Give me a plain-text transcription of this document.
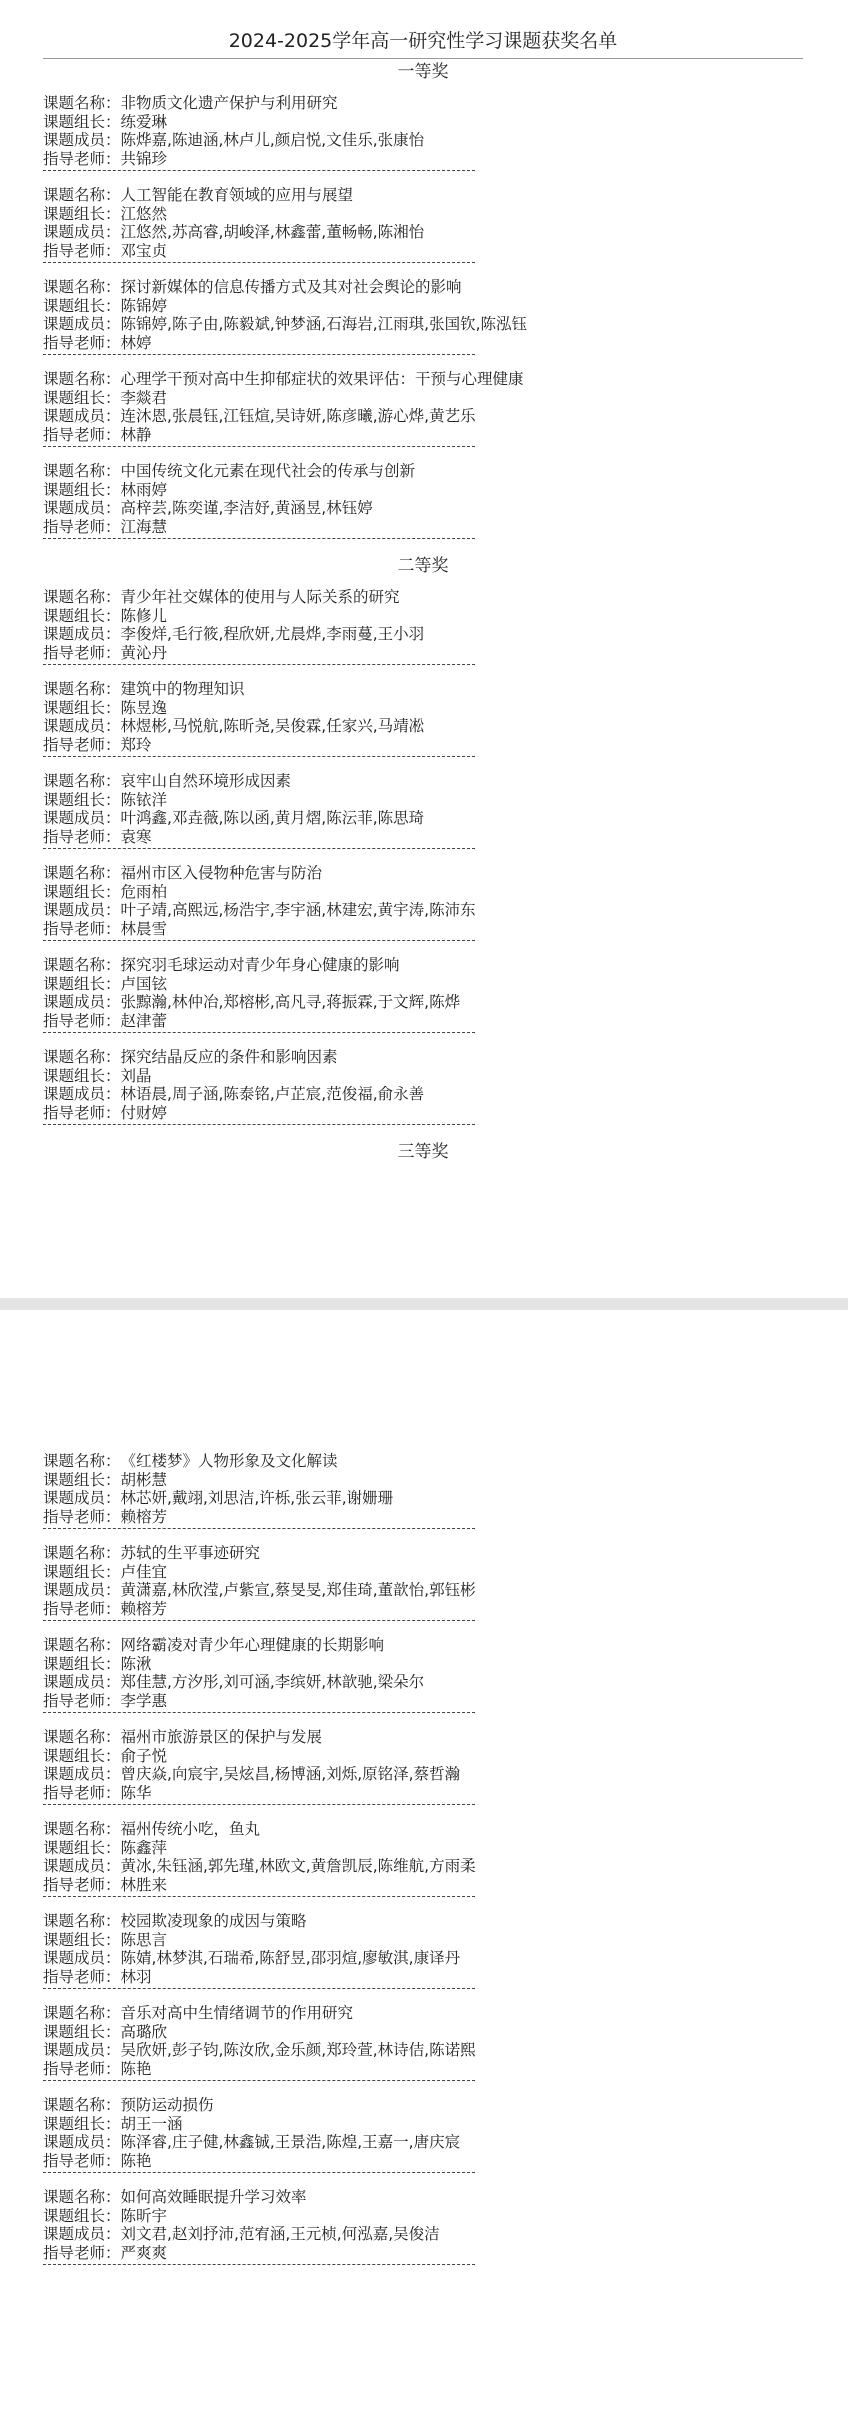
2024-2025学年高一研究性学习课题获奖名单
一等奖
课题名称：非物质文化遗产保护与利用研究
课题组长：练爱琳
课题成员：陈烨嘉,陈迪涵,林卢儿,颜启悦,文佳乐,张康怡
指导老师：共锦珍
课题名称：人工智能在教育领域的应用与展望
课题组长：江悠然
课题成员：江悠然,苏高睿,胡峻泽,林鑫蕾,董畅畅,陈湘怡
指导老师：邓宝贞
课题名称：探讨新媒体的信息传播方式及其对社会舆论的影响
课题组长：陈锦婷
课题成员：陈锦婷,陈子由,陈毅斌,钟梦涵,石海岩,江雨琪,张国钦,陈泓钰
指导老师：林婷
课题名称：心理学干预对高中生抑郁症状的效果评估：干预与心理健康
课题组长：李燚君
课题成员：连沐恩,张晨钰,江钰煊,吴诗妍,陈彦曦,游心烨,黄艺乐
指导老师：林静
课题名称：中国传统文化元素在现代社会的传承与创新
课题组长：林雨婷
课题成员：高梓芸,陈奕谨,李洁妤,黄涵昱,林钰婷
指导老师：江海慧
二等奖
课题名称：青少年社交媒体的使用与人际关系的研究
课题组长：陈修儿
课题成员：李俊烊,毛行筱,程欣妍,尤晨烨,李雨蔓,王小羽
指导老师：黄沁丹
课题名称：建筑中的物理知识
课题组长：陈昱逸
课题成员：林煜彬,马悦航,陈昕尧,吴俊霖,任家兴,马靖凇
指导老师：郑玲
课题名称：哀牢山自然环境形成因素
课题组长：陈铱洋
课题成员：叶鸿鑫,邓垚薇,陈以函,黄月熠,陈沄菲,陈思琦
指导老师：袁寒
课题名称：福州市区入侵物种危害与防治
课题组长：危雨柏
课题成员：叶子靖,高熙远,杨浩宇,李宇涵,林建宏,黄宇涛,陈沛东
指导老师：林晨雪
课题名称：探究羽毛球运动对青少年身心健康的影响
课题组长：卢国铉
课题成员：张黥瀚,林仲冶,郑榕彬,高凡寻,蒋振霖,于文辉,陈烨
指导老师：赵津蕾
课题名称：探究结晶反应的条件和影响因素
课题组长：刘晶
课题成员：林语晨,周子涵,陈泰铭,卢芷宸,范俊福,俞永善
指导老师：付财婷
三等奖
课题名称：《红楼梦》人物形象及文化解读
课题组长：胡彬慧
课题成员：林芯妍,戴翊,刘思洁,许栎,张云菲,谢姗珊
指导老师：赖榕芳
课题名称：苏轼的生平事迹研究
课题组长：卢佳宜
课题成员：黄潇嘉,林欣滢,卢紫宣,蔡旻旻,郑佳琦,董歆怡,郭钰彬
指导老师：赖榕芳
课题名称：网络霸凌对青少年心理健康的长期影响
课题组长：陈湫
课题成员：郑佳慧,方汐彤,刘可涵,李缤妍,林歆驰,梁朵尔
指导老师：李学惠
课题名称：福州市旅游景区的保护与发展
课题组长：俞子悦
课题成员：曾庆焱,向宸宇,吴炫昌,杨博涵,刘烁,原铭泽,蔡哲瀚
指导老师：陈华
课题名称：福州传统小吃，鱼丸
课题组长：陈鑫萍
课题成员：黄冰,朱钰涵,郭先瑾,林欧文,黄詹凯辰,陈维航,方雨柔
指导老师：林胜来
课题名称：校园欺凌现象的成因与策略
课题组长：陈思言
课题成员：陈婧,林梦淇,石瑞希,陈舒昱,邵羽煊,廖敏淇,康译丹
指导老师：林羽
课题名称：音乐对高中生情绪调节的作用研究
课题组长：高璐欣
课题成员：吴欣妍,彭子钧,陈汝欣,金乐颜,郑玲萱,林诗佶,陈诺熙
指导老师：陈艳
课题名称：预防运动损伤
课题组长：胡王一涵
课题成员：陈泽睿,庄子健,林鑫铖,王景浩,陈煌,王嘉一,唐庆宸
指导老师：陈艳
课题名称：如何高效睡眠提升学习效率
课题组长：陈昕宇
课题成员：刘文君,赵刘抒沛,范宥涵,王元桢,何泓嘉,吴俊洁
指导老师：严爽爽
